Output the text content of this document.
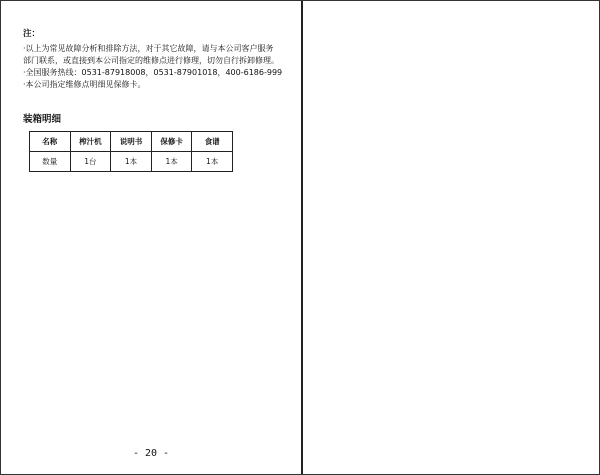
注：
·以上为常见故障分析和排除方法，对于其它故障，请与本公司客户服务
部门联系，或直接到本公司指定的维修点进行修理，切勿自行拆卸修理。
·全国服务热线：0531-87918008，0531-87901018，400-6186-999
·本公司指定维修点明细见保修卡。
装箱明细
名称	榨汁机	说明书	保修卡	食谱
数量	1台	1本	1本	1本
- 20 -
